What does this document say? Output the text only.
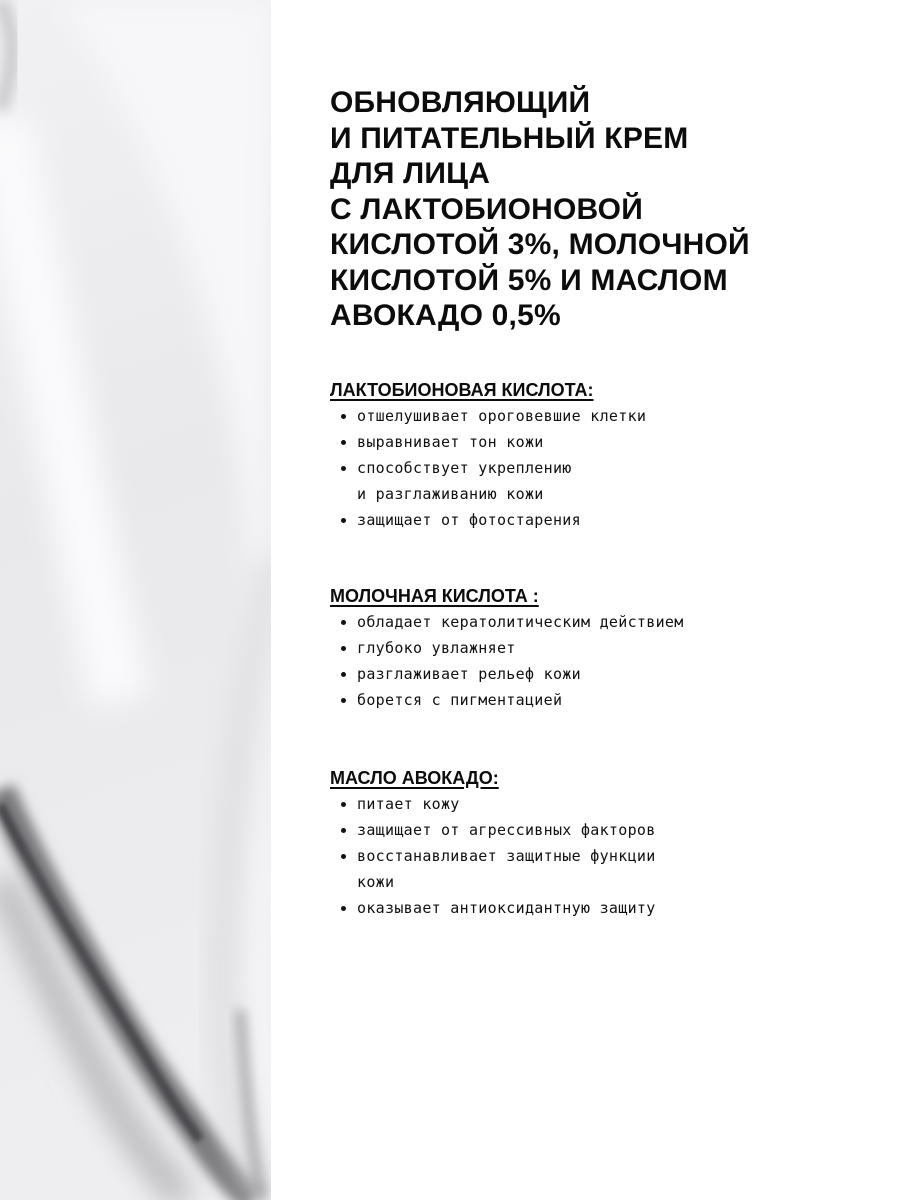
ОБНОВЛЯЮЩИЙ
И ПИТАТЕЛЬНЫЙ КРЕМ
ДЛЯ ЛИЦА
С ЛАКТОБИОНОВОЙ
КИСЛОТОЙ 3%, МОЛОЧНОЙ
КИСЛОТОЙ 5% И МАСЛОМ
АВОКАДО 0,5%
ЛАКТОБИОНОВАЯ КИСЛОТА:
отшелушивает ороговевшие клетки
выравнивает тон кожи
способствует укреплению
и разглаживанию кожи
защищает от фотостарения
МОЛОЧНАЯ КИСЛОТА :
обладает кератолитическим действием
глубоко увлажняет
разглаживает рельеф кожи
борется с пигментацией
МАСЛО АВОКАДО:
питает кожу
защищает от агрессивных факторов
восстанавливает защитные функции
кожи
оказывает антиоксидантную защиту
